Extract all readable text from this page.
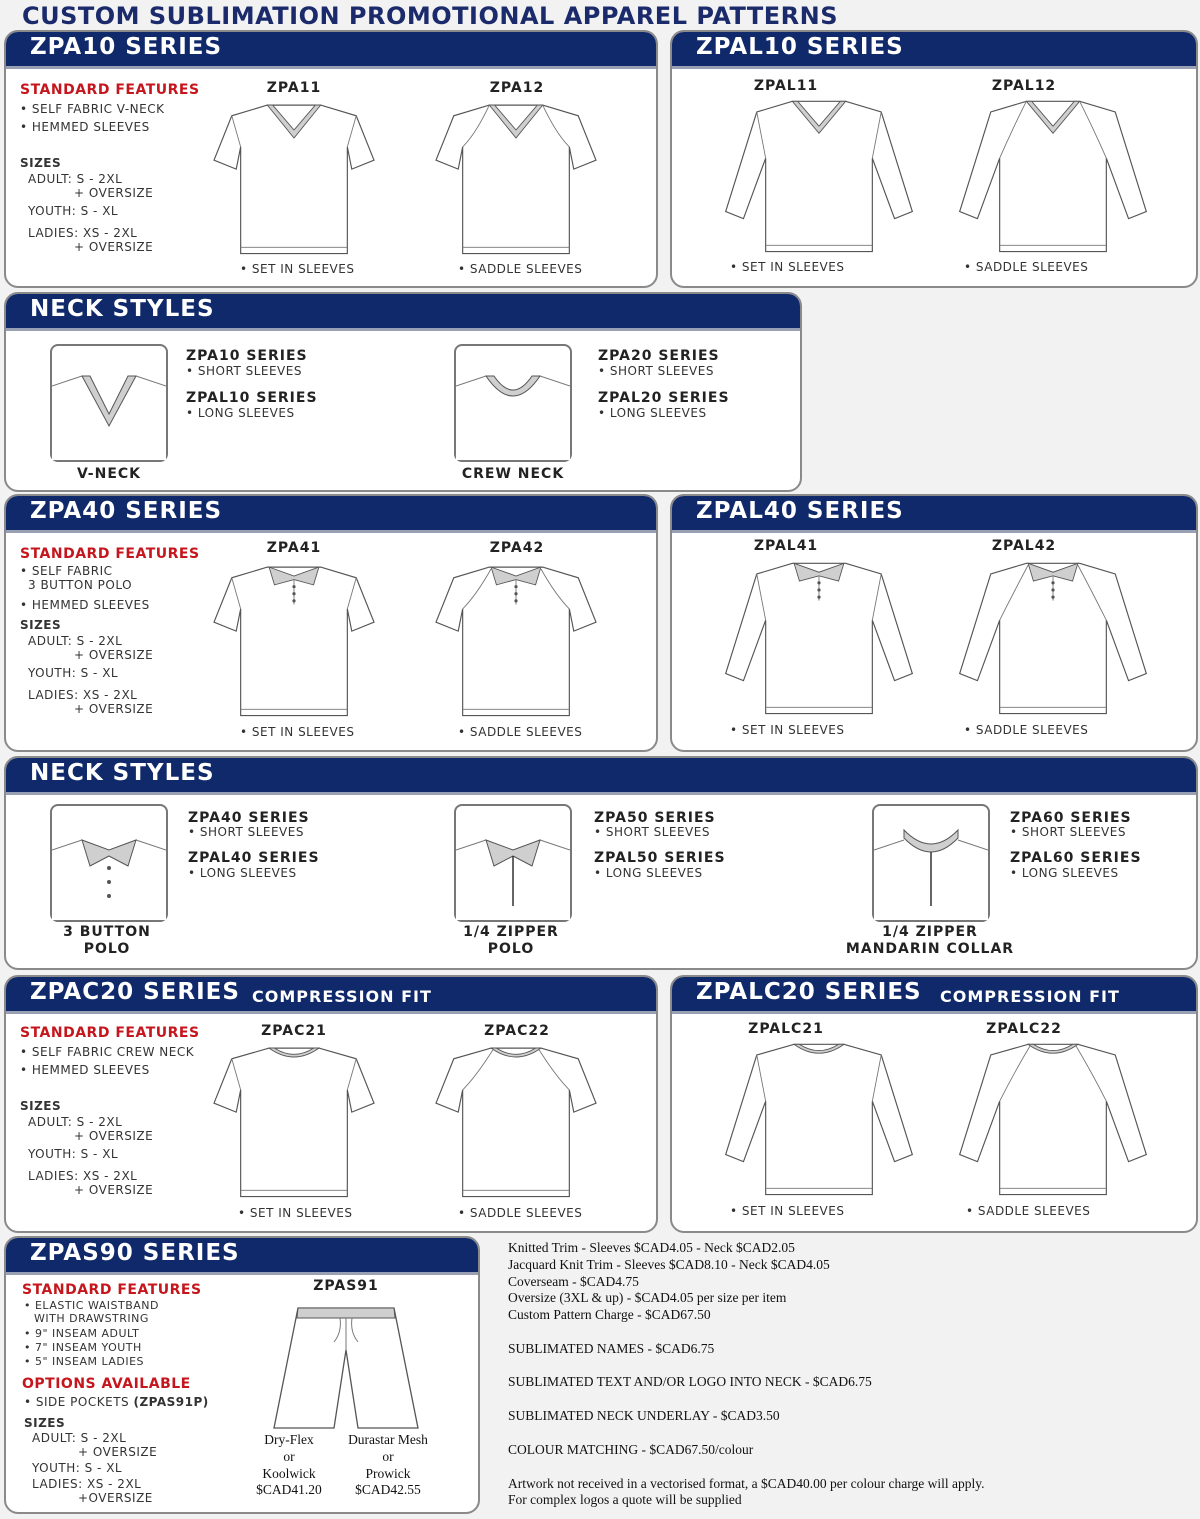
CUSTOM SUBLIMATION PROMOTIONAL APPAREL PATTERNS
ZPA10 SERIES
STANDARD FEATURES
• SELF FABRIC V-NECK
• HEMMED SLEEVES
SIZES
ADULT: S - 2XL
+ OVERSIZE
YOUTH: S - XL
LADIES: XS - 2XL
+ OVERSIZE
ZPA11	ZPA12
• SET IN SLEEVES	• SADDLE SLEEVES
ZPAL10 SERIES
ZPAL11	ZPAL12
• SET IN SLEEVES	• SADDLE SLEEVES
NECK STYLES
V-NECK
ZPA10 SERIES
• SHORT SLEEVES
ZPAL10 SERIES
• LONG SLEEVES
CREW NECK
ZPA20 SERIES
• SHORT SLEEVES
ZPAL20 SERIES
• LONG SLEEVES
ZPA40 SERIES
STANDARD FEATURES
• SELF FABRIC
3 BUTTON POLO
• HEMMED SLEEVES
SIZES
ADULT: S - 2XL
+ OVERSIZE
YOUTH: S - XL
LADIES: XS - 2XL
+ OVERSIZE
ZPA41	ZPA42
• SET IN SLEEVES	• SADDLE SLEEVES
ZPAL40 SERIES
ZPAL41	ZPAL42
• SET IN SLEEVES	• SADDLE SLEEVES
NECK STYLES
3 BUTTON
POLO
ZPA40 SERIES
• SHORT SLEEVES
ZPAL40 SERIES
• LONG SLEEVES
1/4 ZIPPER
POLO
ZPA50 SERIES
• SHORT SLEEVES
ZPAL50 SERIES
• LONG SLEEVES
1/4 ZIPPER
MANDARIN COLLAR
ZPA60 SERIES
• SHORT SLEEVES
ZPAL60 SERIES
• LONG SLEEVES
ZPAC20 SERIES COMPRESSION FIT
STANDARD FEATURES
• SELF FABRIC CREW NECK
• HEMMED SLEEVES
SIZES
ADULT: S - 2XL
+ OVERSIZE
YOUTH: S - XL
LADIES: XS - 2XL
+ OVERSIZE
ZPAC21	ZPAC22
• SET IN SLEEVES	• SADDLE SLEEVES
ZPALC20 SERIES COMPRESSION FIT
ZPALC21	ZPALC22
• SET IN SLEEVES	• SADDLE SLEEVES
ZPAS90 SERIES
STANDARD FEATURES
• ELASTIC WAISTBAND
WITH DRAWSTRING
• 9" INSEAM ADULT
• 7" INSEAM YOUTH
• 5" INSEAM LADIES
OPTIONS AVAILABLE
• SIDE POCKETS (ZPAS91P)
SIZES
ADULT: S - 2XL
+ OVERSIZE
YOUTH: S - XL
LADIES: XS - 2XL
+OVERSIZE
ZPAS91
Dry-Flex
or
Koolwick
$CAD41.20
Durastar Mesh
or
Prowick
$CAD42.55
Knitted Trim - Sleeves $CAD4.05 - Neck $CAD2.05
Jacquard Knit Trim - Sleeves $CAD8.10 - Neck $CAD4.05
Coverseam - $CAD4.75
Oversize (3XL & up) - $CAD4.05 per size per item
Custom Pattern Charge - $CAD67.50
SUBLIMATED NAMES - $CAD6.75
SUBLIMATED TEXT AND/OR LOGO INTO NECK - $CAD6.75
SUBLIMATED NECK UNDERLAY - $CAD3.50
COLOUR MATCHING - $CAD67.50/colour
Artwork not received in a vectorised format, a $CAD40.00 per colour charge will apply.
For complex logos a quote will be supplied
